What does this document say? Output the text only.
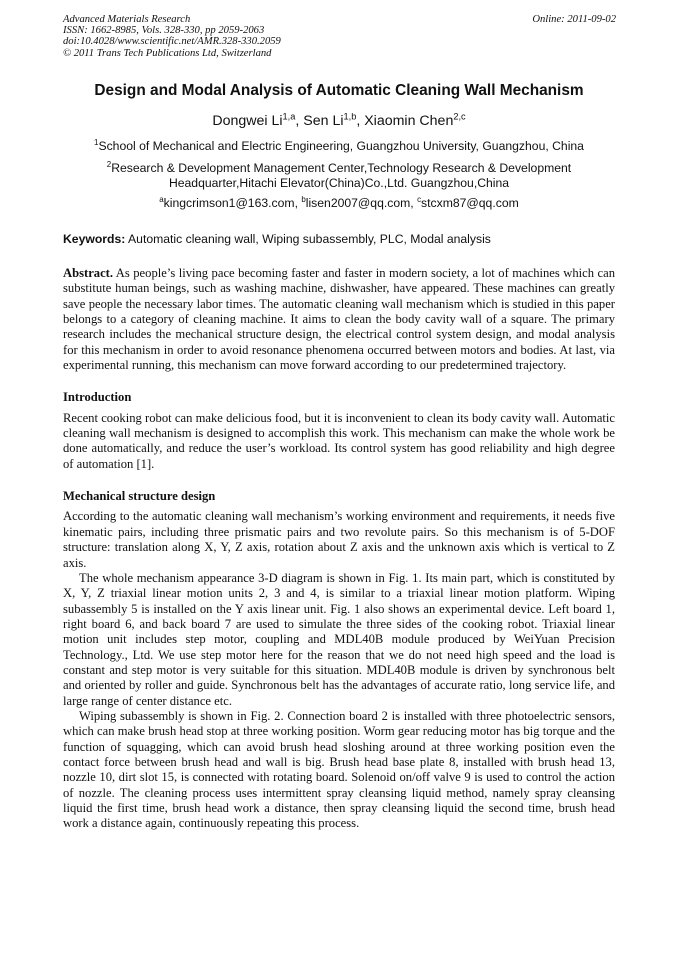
Advanced Materials Research
ISSN: 1662-8985, Vols. 328-330, pp 2059-2063
doi:10.4028/www.scientific.net/AMR.328-330.2059
© 2011 Trans Tech Publications Ltd, Switzerland
Online: 2011-09-02
Design and Modal Analysis of Automatic Cleaning Wall Mechanism
Dongwei Li$^{1,a}$, Sen Li$^{1,b}$, Xiaomin Chen$^{2,c}$
$^1$School of Mechanical and Electric Engineering, Guangzhou University, Guangzhou, China
$^2$Research & Development Management Center,Technology Research & Development
Headquarter,Hitachi Elevator(China)Co.,Ltd. Guangzhou,China
$^a$kingcrimson1@163.com, $^b$lisen2007@qq.com, $^c$stcxm87@qq.com
Keywords: Automatic cleaning wall, Wiping subassembly, PLC, Modal analysis

Abstract. As people’s living pace becoming faster and faster in modern society, a lot of machines which can substitute human beings, such as washing machine, dishwasher, have appeared. These machines can greatly save people the necessary labor times. The automatic cleaning wall mechanism which is studied in this paper belongs to a category of cleaning machine. It aims to clean the body cavity wall of a square. The primary research includes the mechanical structure design, the electrical control system design, and modal analysis for this mechanism in order to avoid resonance phenomena occurred between motors and bodies. At last, via experimental running, this mechanism can move forward according to our predetermined trajectory.

Introduction

Recent cooking robot can make delicious food, but it is inconvenient to clean its body cavity wall. Automatic cleaning wall mechanism is designed to accomplish this work. This mechanism can make the whole work be done automatically, and reduce the user’s workload. Its control system has good reliability and high degree of automation [1].

Mechanical structure design

According to the automatic cleaning wall mechanism’s working environment and requirements, it needs five kinematic pairs, including three prismatic pairs and two revolute pairs. So this mechanism is of 5-DOF structure: translation along X, Y, Z axis, rotation about Z axis and the unknown axis which is vertical to Z axis.

The whole mechanism appearance 3-D diagram is shown in Fig. 1. Its main part, which is constituted by X, Y, Z triaxial linear motion units 2, 3 and 4, is similar to a triaxial linear motion platform. Wiping subassembly 5 is installed on the Y axis linear unit. Fig. 1 also shows an experimental device. Left board 1, right board 6, and back board 7 are used to simulate the three sides of the cooking robot. Triaxial linear motion unit includes step motor, coupling and MDL40B module produced by WeiYuan Precision Technology., Ltd. We use step motor here for the reason that we do not need high speed and the load is constant and step motor is very suitable for this situation. MDL40B module is driven by synchronous belt and oriented by roller and guide. Synchronous belt has the advantages of accurate ratio, long service life, and large range of center distance etc.

Wiping subassembly is shown in Fig. 2. Connection board 2 is installed with three photoelectric sensors, which can make brush head stop at three working position. Worm gear reducing motor has big torque and the function of squagging, which can avoid brush head sloshing around at three working position even the contact force between brush head and wall is big. Brush head base plate 8, installed with brush head 13, nozzle 10, dirt slot 15, is connected with rotating board. Solenoid on/off valve 9 is used to control the action of nozzle. The cleaning process uses intermittent spray cleansing liquid method, namely spray cleansing liquid the first time, brush head work a distance, then spray cleansing liquid the second time, brush head work a distance again, continuously repeating this process.
